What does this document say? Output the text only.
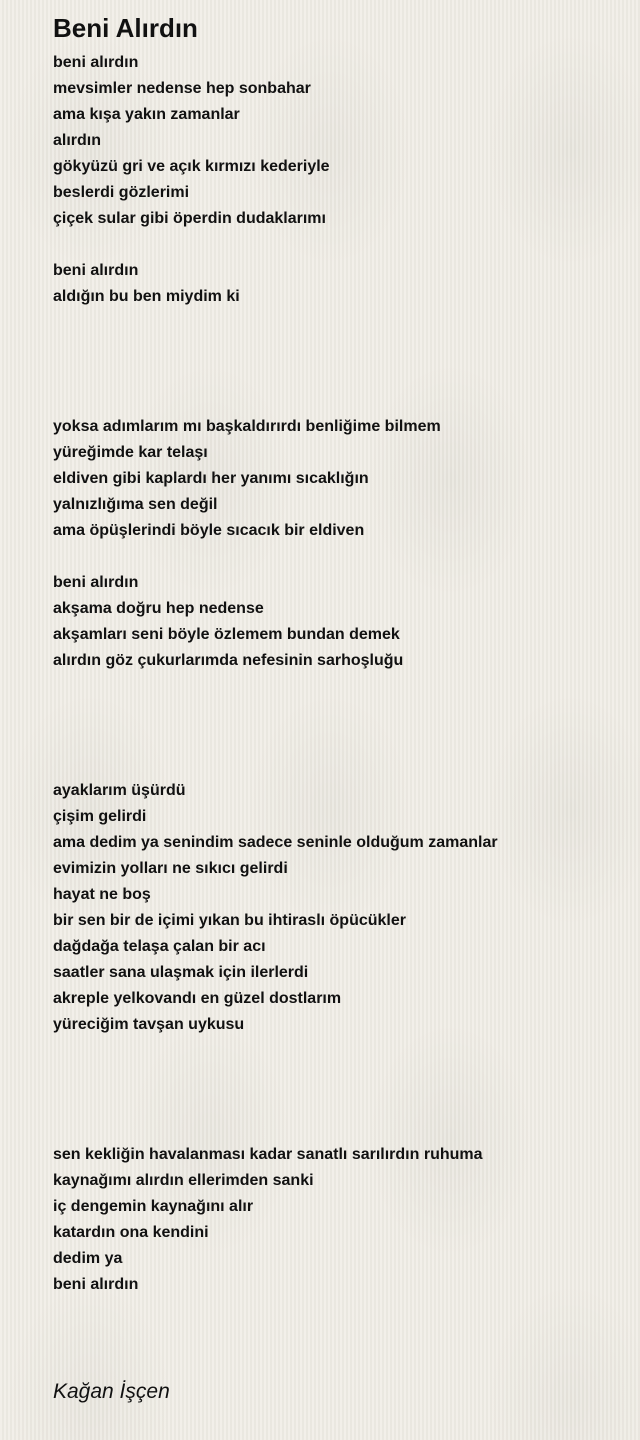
Beni Alırdın
beni alırdın
mevsimler nedense hep sonbahar
ama kışa yakın zamanlar
alırdın
gökyüzü gri ve açık kırmızı kederiyle
beslerdi gözlerimi
çiçek sular gibi öperdin dudaklarımı
beni alırdın
aldığın bu ben miydim ki
yoksa adımlarım mı başkaldırırdı benliğime bilmem
yüreğimde kar telaşı
eldiven gibi kaplardı her yanımı sıcaklığın
yalnızlığıma sen değil
ama öpüşlerindi böyle sıcacık bir eldiven
beni alırdın
akşama doğru hep nedense
akşamları seni böyle özlemem bundan demek
alırdın göz çukurlarımda nefesinin sarhoşluğu
ayaklarım üşürdü
çişim gelirdi
ama dedim ya senindim sadece seninle olduğum zamanlar
evimizin yolları ne sıkıcı gelirdi
hayat ne boş
bir sen bir de içimi yıkan bu ihtiraslı öpücükler
dağdağa telaşa çalan bir acı
saatler sana ulaşmak için ilerlerdi
akreple yelkovandı en güzel dostlarım
yüreciğim tavşan uykusu
sen kekliğin havalanması kadar sanatlı sarılırdın ruhuma
kaynağımı alırdın ellerimden sanki
iç dengemin kaynağını alır
katardın ona kendini
dedim ya
beni alırdın
Kağan İşçen
